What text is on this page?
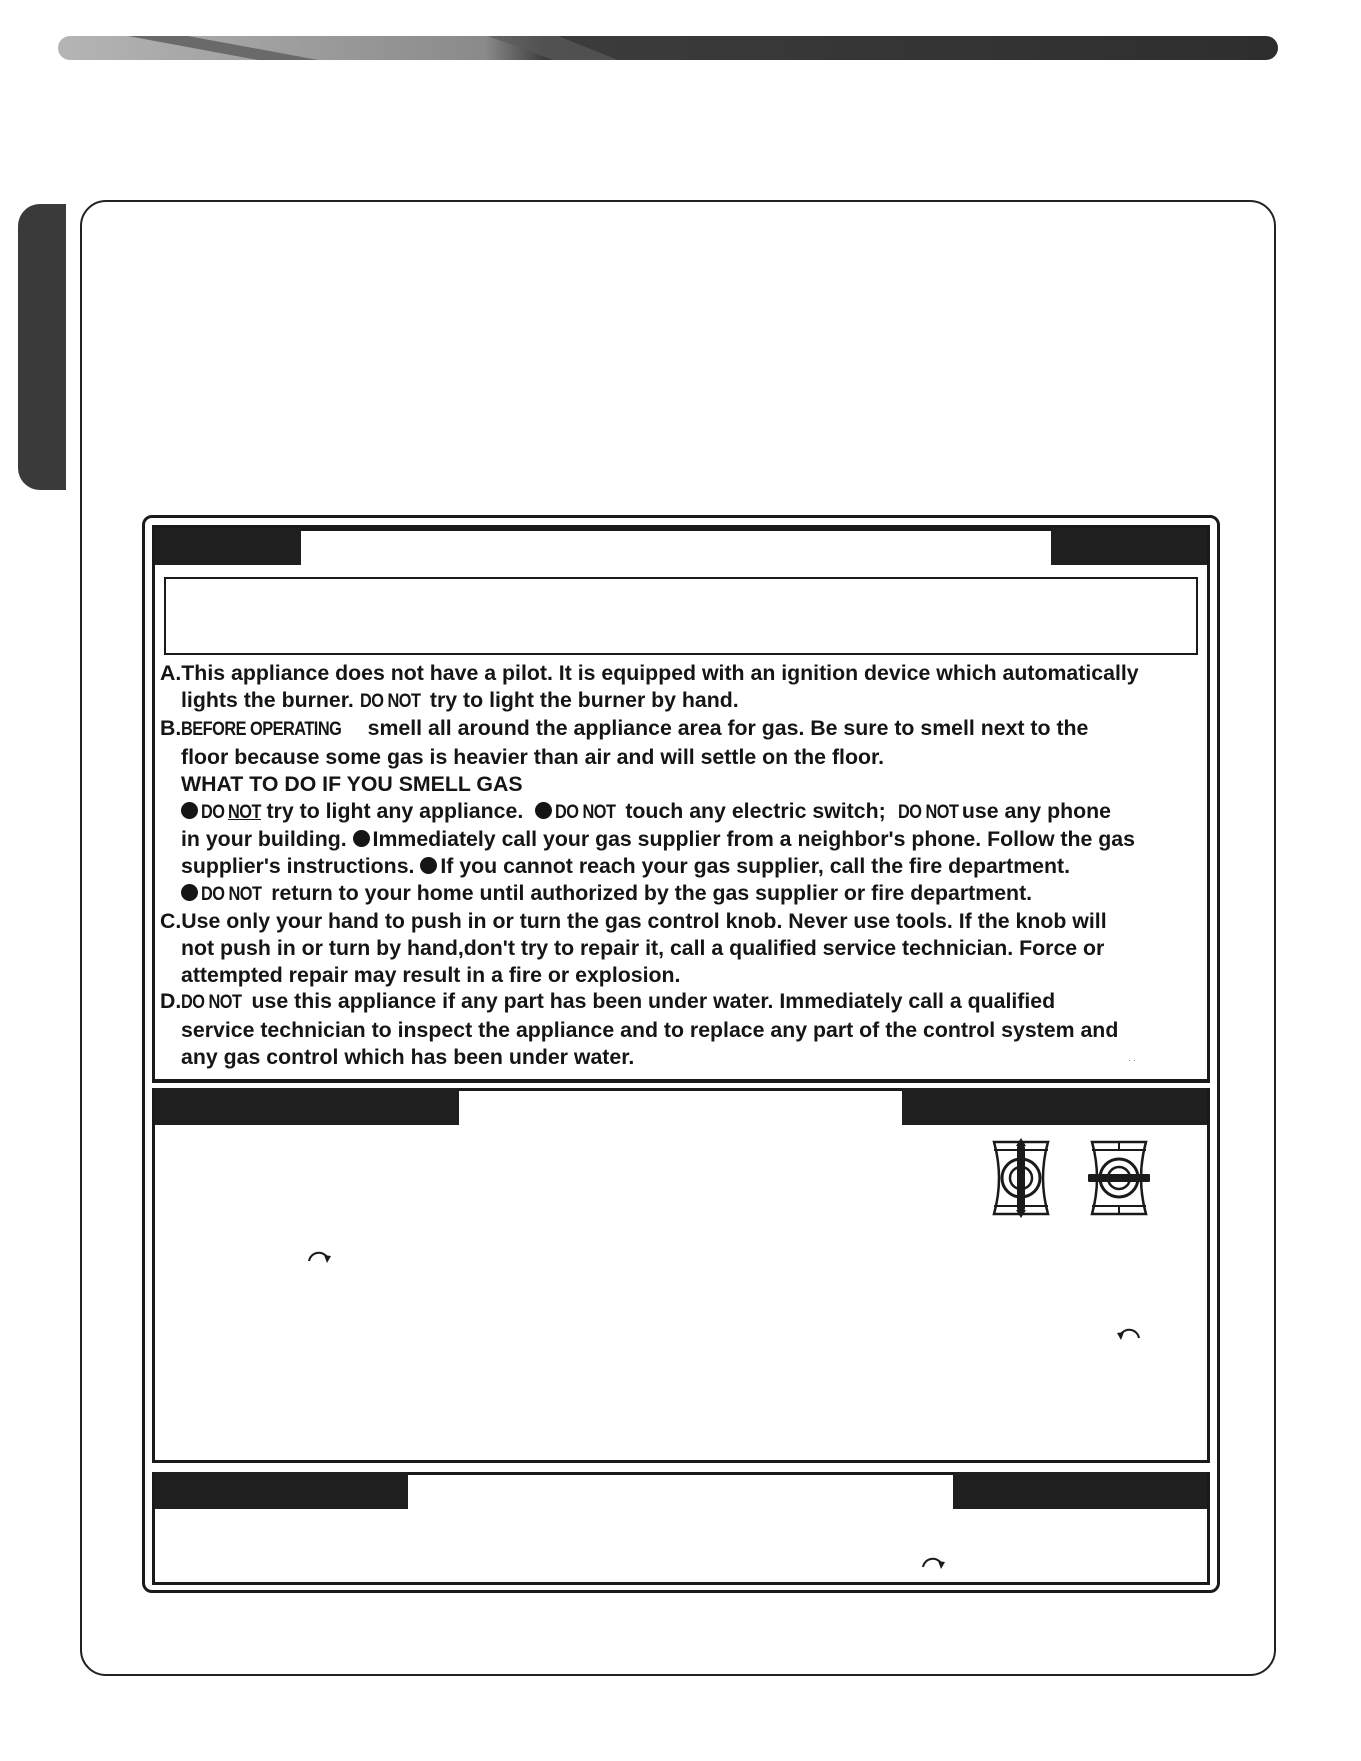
A.This appliance does not have a pilot. It is equipped with an ignition device which automatically

lights the burner. DO NOT try to light the burner by hand.

B.BEFORE OPERATING smell all around the appliance area for gas. Be sure to smell next to the

floor because some gas is heavier than air and will settle on the floor.

WHAT TO DO IF YOU SMELL GAS

DO NOT try to light any appliance. DO NOT touch any electric switch; DO NOT use any phone

in your building. Immediately call your gas supplier from a neighbor's phone. Follow the gas

supplier's instructions. If you cannot reach your gas supplier, call the fire department.

DO NOT return to your home until authorized by the gas supplier or fire department.

C.Use only your hand to push in or turn the gas control knob. Never use tools. If the knob will

not push in or turn by hand,don't try to repair it, call a qualified service technician. Force or

attempted repair may result in a fire or explosion.

D.DO NOT use this appliance if any part has been under water. Immediately call a qualified

service technician to inspect the appliance and to replace any part of the control system and

any gas control which has been under water.	· ·
